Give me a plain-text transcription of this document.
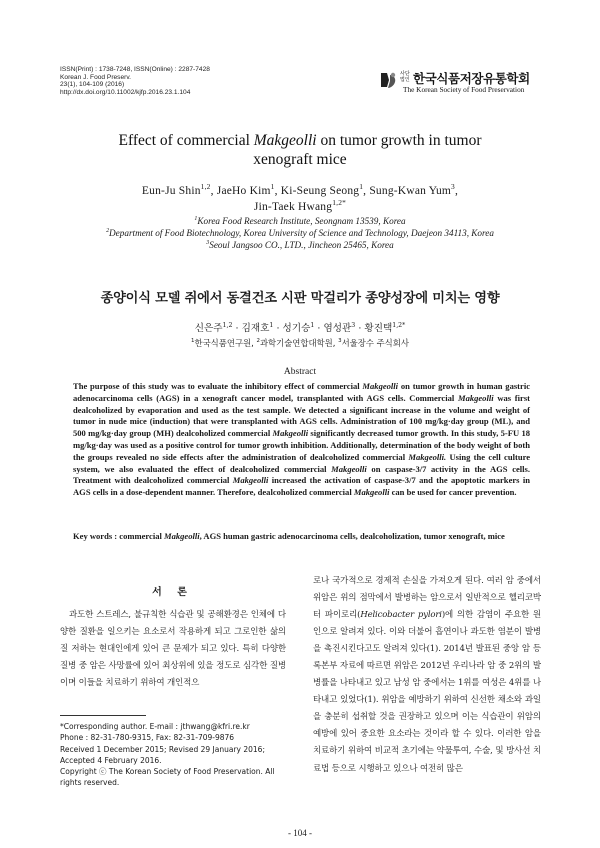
ISSN(Print) : 1738-7248, ISSN(Online) : 2287-7428
Korean J. Food Preserv.
23(1), 104-109 (2016)
http://dx.doi.org/10.11002/kjfp.2016.23.1.104
사단 법인 한국식품저장유통학회
The Korean Society of Food Preservation
Effect of commercial Makgeolli on tumor growth in tumor
xenograft mice
Eun-Ju Shin$^{1,2}$, JaeHo Kim$^1$, Ki-Seung Seong$^1$, Sung-Kwan Yum$^3$,
Jin-Taek Hwang$^{1,2*}$
$^1$Korea Food Research Institute, Seongnam 13539, Korea
$^2$Department of Food Biotechnology, Korea University of Science and Technology, Daejeon 34113, Korea
$^3$Seoul Jangsoo CO., LTD., Jincheon 25465, Korea
종양이식 모델 쥐에서 동결건조 시판 막걸리가 종양성장에 미치는 영향
신은주$^{1,2}$ · 김재호$^1$ · 성기승$^1$ · 염성관$^3$ · 황진택$^{1,2*}$
$^1$한국식품연구원, $^2$과학기술연합대학원, $^3$서울장수 주식회사
Abstract
The purpose of this study was to evaluate the inhibitory effect of commercial Makgeolli on tumor growth in human gastric adenocarcinoma cells (AGS) in a xenograft cancer model, transplanted with AGS cells. Commercial Makgeolli was first dealcoholized by evaporation and used as the test sample. We detected a significant increase in the volume and weight of tumor in nude mice (induction) that were transplanted with AGS cells. Administration of 100 mg/kg·day group (ML), and 500 mg/kg·day group (MH) dealcoholized commercial Makgeolli significantly decreased tumor growth. In this study, 5-FU 18 mg/kg·day was used as a positive control for tumor growth inhibition. Additionally, determination of the body weight of both the groups revealed no side effects after the administration of dealcoholized commercial Makgeolli. Using the cell culture system, we also evaluated the effect of dealcoholized commercial Makgeolli on caspase-3/7 activity in the AGS cells. Treatment with dealcoholized commercial Makgeolli increased the activation of caspase-3/7 and the apoptotic markers in AGS cells in a dose-dependent manner. Therefore, dealcoholized commercial Makgeolli can be used for cancer prevention.
Key words : commercial Makgeolli, AGS human gastric adenocarcinoma cells, dealcoholization, tumor xenograft, mice
서 론

과도한 스트레스, 불규칙한 식습관 및 공해환경은 인체에 다양한 질환을 일으키는 요소로서 작용하게 되고 그로인한 삶의 질 저하는 현대인에게 있어 큰 문제가 되고 있다. 특히 다양한 질병 중 암은 사망률에 있어 최상위에 있을 정도로 심각한 질병이며 이들을 치료하기 위하여 개인적으

*Corresponding author. E-mail : jthwang@kfri.re.kr
Phone : 82-31-780-9315, Fax: 82-31-709-9876
Received 1 December 2015; Revised 29 January 2016;
Accepted 4 February 2016.
Copyright ⓒ The Korean Society of Food Preservation. All
rights reserved.

로나 국가적으로 경제적 손실을 가져오게 된다. 여러 암 중에서 위암은 위의 점막에서 발병하는 암으로서 일반적으로 헬리코박터 파이로리(Helicobacter pylori)에 의한 감염이 주요한 원인으로 알려져 있다. 이와 더불어 흡연이나 과도한 염분이 발병을 촉진시킨다고도 알려져 있다(1). 2014년 발표된 중앙 암 등록본부 자료에 따르면 위암은 2012년 우리나라 암 중 2위의 발병률을 나타내고 있고 남성 암 중에서는 1위를 여성은 4위를 나타내고 있었다(1). 위암을 예방하기 위하여 신선한 채소와 과일을 충분히 섭취할 것을 권장하고 있으며 이는 식습관이 위암의 예방에 있어 중요한 요소라는 것이라 할 수 있다. 이러한 암을 치료하기 위하여 비교적 초기에는 약물투여, 수술, 및 방사선 치료법 등으로 시행하고 있으나 여전히 많은

- 104 -
